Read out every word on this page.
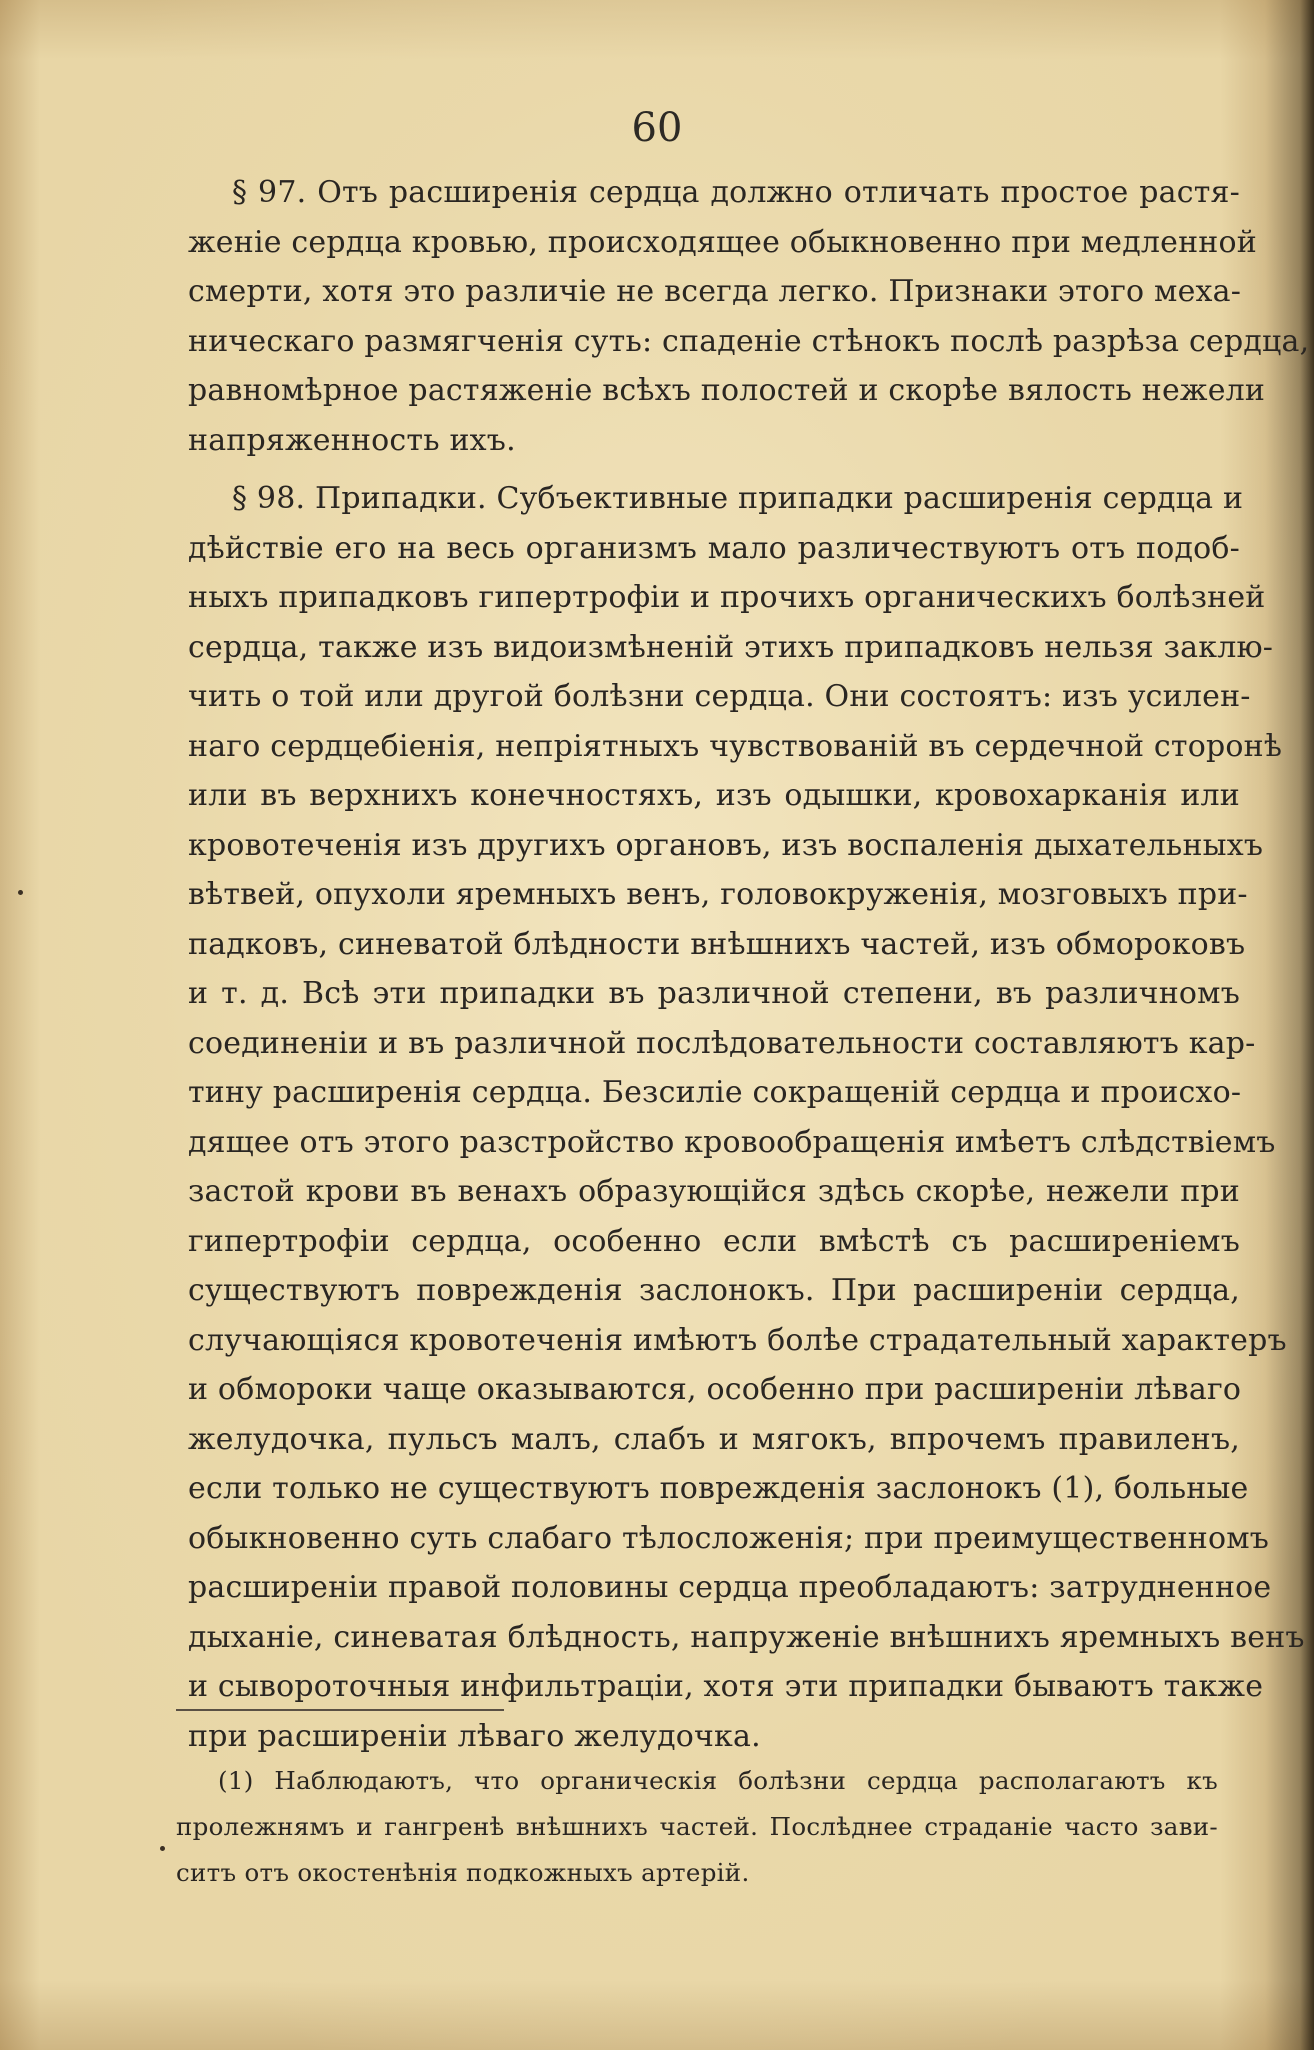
60
§ 97. Отъ расширенія сердца должно отличать простое растя-
женіе сердца кровью, происходящее обыкновенно при медленной
смерти, хотя это различіе не всегда легко. Признаки этого меха-
ническаго размягченія суть: спаденіе стѣнокъ послѣ разрѣза сердца,
равномѣрное растяженіе всѣхъ полостей и скорѣе вялость нежели
напряженность ихъ.
§ 98. Припадки. Субъективные припадки расширенія сердца и
дѣйствіе его на весь организмъ мало различествуютъ отъ подоб-
ныхъ припадковъ гипертрофіи и прочихъ органическихъ болѣзней
сердца, также изъ видоизмѣненій этихъ припадковъ нельзя заклю-
чить о той или другой болѣзни сердца. Они состоятъ: изъ усилен-
наго сердцебіенія, непріятныхъ чувствованій въ сердечной сторонѣ
или въ верхнихъ конечностяхъ, изъ одышки, кровохарканія или
кровотеченія изъ другихъ органовъ, изъ воспаленія дыхательныхъ
вѣтвей, опухоли яремныхъ венъ, головокруженія, мозговыхъ при-
падковъ, синеватой блѣдности внѣшнихъ частей, изъ обмороковъ
и т. д. Всѣ эти припадки въ различной степени, въ различномъ
соединеніи и въ различной послѣдовательности составляютъ кар-
тину расширенія сердца. Безсиліе сокращеній сердца и происхо-
дящее отъ этого разстройство кровообращенія имѣетъ слѣдствіемъ
застой крови въ венахъ образующійся здѣсь скорѣе, нежели при
гипертрофіи сердца, особенно если вмѣстѣ съ расширеніемъ
существуютъ поврежденія заслонокъ. При расширеніи сердца,
случающіяся кровотеченія имѣютъ болѣе страдательный характеръ
и обмороки чаще оказываются, особенно при расширеніи лѣваго
желудочка, пульсъ малъ, слабъ и мягокъ, впрочемъ правиленъ,
если только не существуютъ поврежденія заслонокъ (1), больные
обыкновенно суть слабаго тѣлосложенія; при преимущественномъ
расширеніи правой половины сердца преобладаютъ: затрудненное
дыханіе, синеватая блѣдность, напруженіе внѣшнихъ яремныхъ венъ
и сывороточныя инфильтраціи, хотя эти припадки бываютъ также
при расширеніи лѣваго желудочка.
(1) Наблюдаютъ, что органическія болѣзни сердца располагаютъ къ
пролежнямъ и гангренѣ внѣшнихъ частей. Послѣднее страданіе часто зави-
ситъ отъ окостенѣнія подкожныхъ артерій.
